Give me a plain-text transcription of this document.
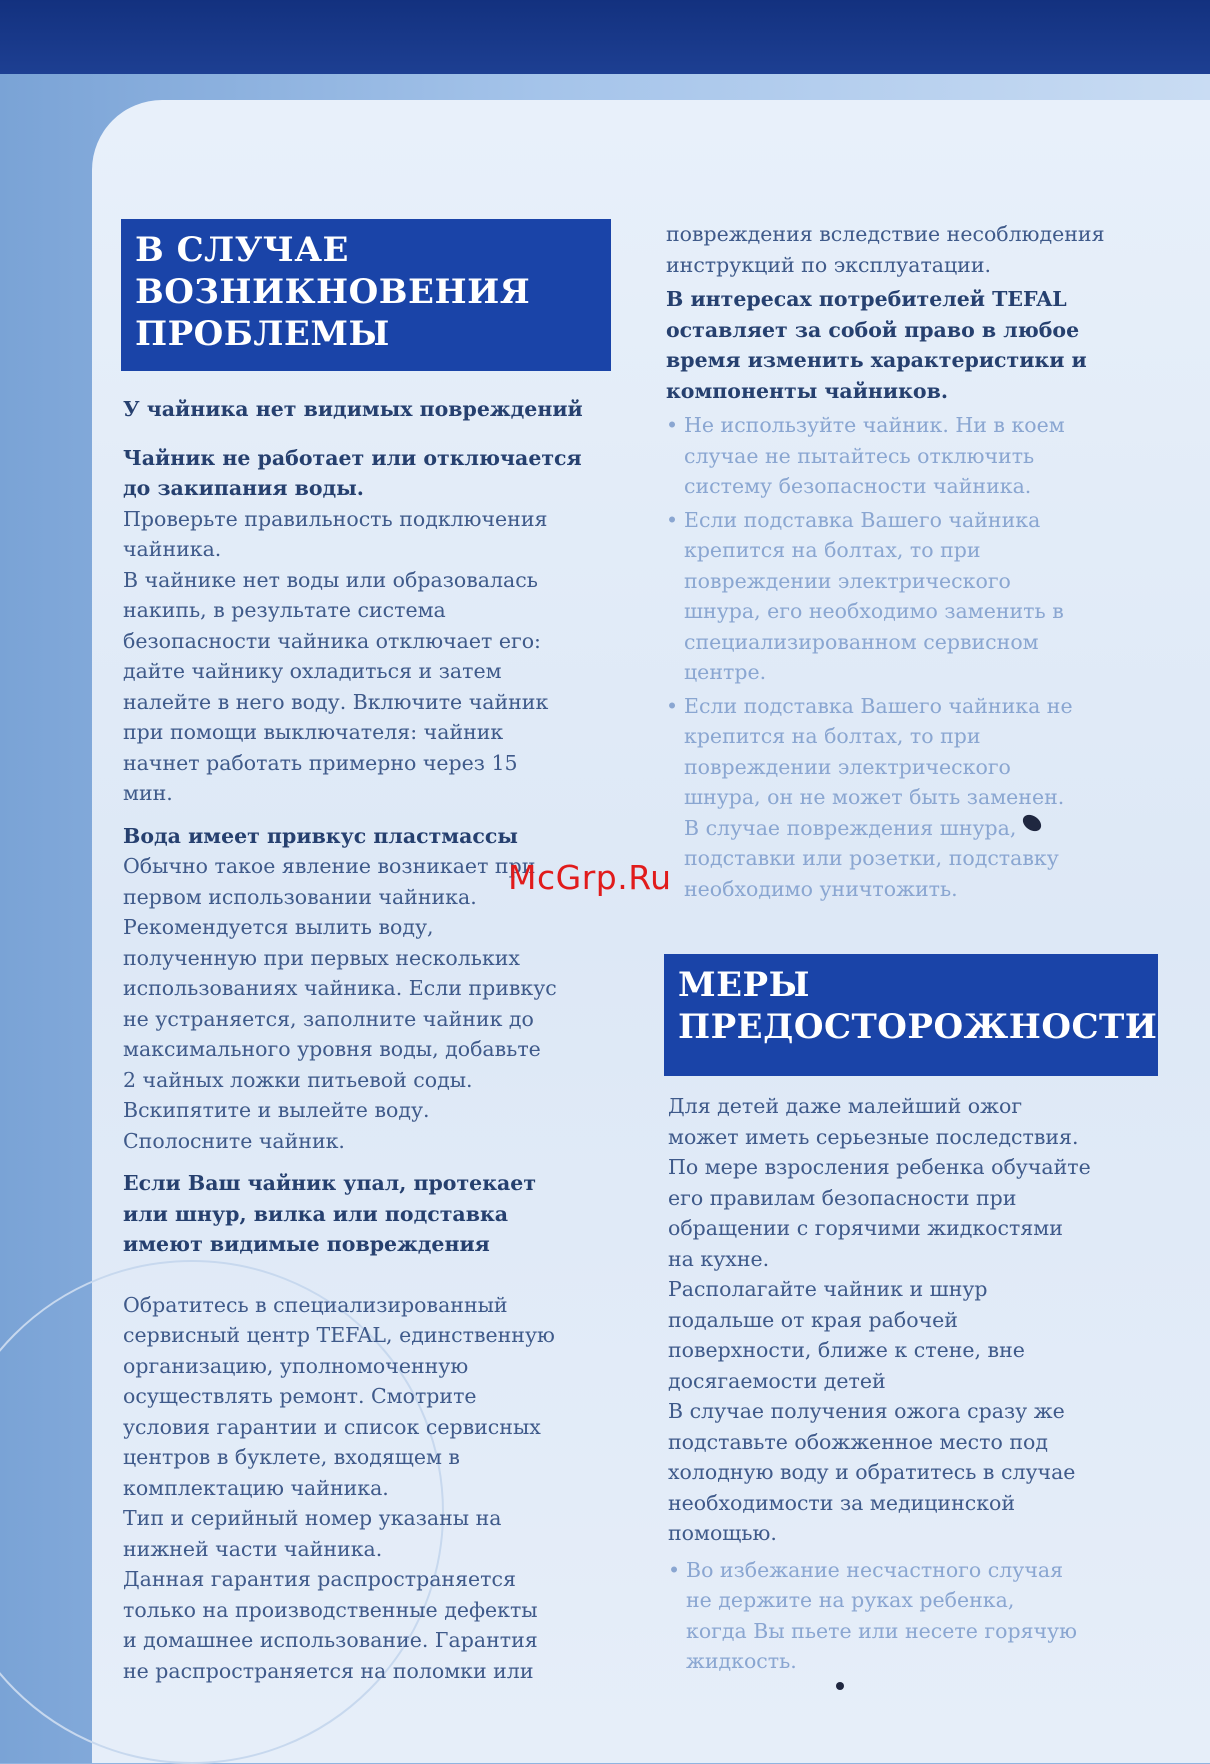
В СЛУЧАЕ
ВОЗНИКНОВЕНИЯ
ПРОБЛЕМЫ

У чайника нет видимых повреждений

Чайник не работает или отключается

до закипания воды.

Проверьте правильность подключения

чайника.

В чайнике нет воды или образовалась

накипь, в результате система

безопасности чайника отключает его:

дайте чайнику охладиться и затем

налейте в него воду. Включите чайник

при помощи выключателя: чайник

начнет работать примерно через 15

мин.

Вода имеет привкус пластмассы

Обычно такое явление возникает при

первом использовании чайника.

Рекомендуется вылить воду,

полученную при первых нескольких

использованиях чайника. Если привкус

не устраняется, заполните чайник до

максимального уровня воды, добавьте

2 чайных ложки питьевой соды.

Вскипятите и вылейте воду.

Сполосните чайник.

Если Ваш чайник упал, протекает

или шнур, вилка или подставка

имеют видимые повреждения

Обратитесь в специализированный

сервисный центр TEFAL, единственную

организацию, уполномоченную

осуществлять ремонт. Смотрите

условия гарантии и список сервисных

центров в буклете, входящем в

комплектацию чайника.

Тип и серийный номер указаны на

нижней части чайника.

Данная гарантия распространяется

только на производственные дефекты

и домашнее использование. Гарантия

не распространяется на поломки или

повреждения вследствие несоблюдения

инструкций по эксплуатации.

В интересах потребителей TEFAL

оставляет за собой право в любое

время изменить характеристики и

компоненты чайников.

• Не используйте чайник. Ни в коем

случае не пытайтесь отключить

систему безопасности чайника.

• Если подставка Вашего чайника

крепится на болтах, то при

повреждении электрического

шнура, его необходимо заменить в

специализированном сервисном

центре.

• Если подставка Вашего чайника не

крепится на болтах, то при

повреждении электрического

шнура, он не может быть заменен.

В случае повреждения шнура,

подставки или розетки, подставку

необходимо уничтожить.

МЕРЫ
ПРЕДОСТОРОЖНОСТИ

Для детей даже малейший ожог

может иметь серьезные последствия.

По мере взросления ребенка обучайте

его правилам безопасности при

обращении с горячими жидкостями

на кухне.

Располагайте чайник и шнур

подальше от края рабочей

поверхности, ближе к стене, вне

досягаемости детей

В случае получения ожога сразу же

подставьте обожженное место под

холодную воду и обратитесь в случае

необходимости за медицинской

помощью.

• Во избежание несчастного случая

не держите на руках ребенка,

когда Вы пьете или несете горячую

жидкость.

McGrp.Ru
